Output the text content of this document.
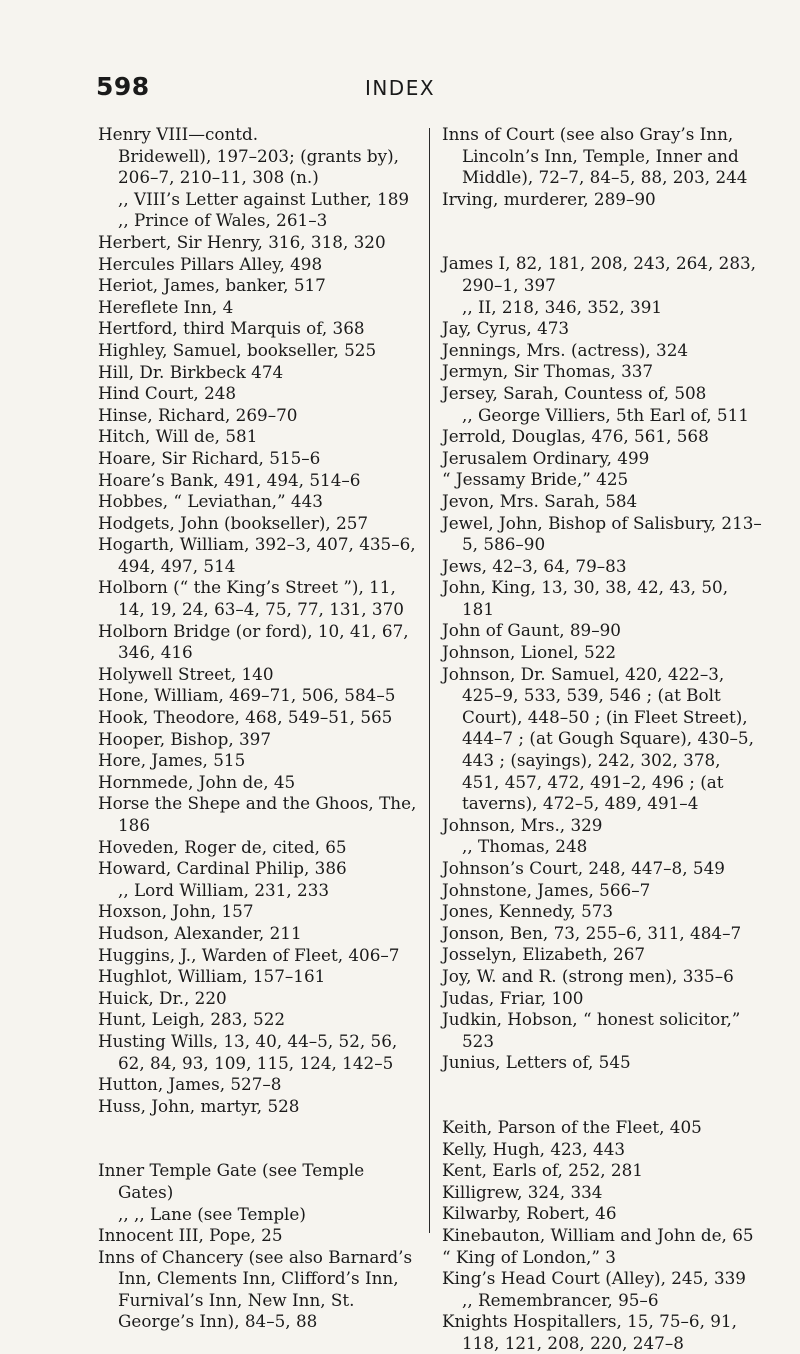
598	INDEX
Henry VIII—contd.
Bridewell), 197–203; (grants by), 206–7, 210–11, 308 (n.)
,, VIII’s Letter against Luther, 189
,, Prince of Wales, 261–3
Herbert, Sir Henry, 316, 318, 320
Hercules Pillars Alley, 498
Heriot, James, banker, 517
Hereflete Inn, 4
Hertford, third Marquis of, 368
Highley, Samuel, bookseller, 525
Hill, Dr. Birkbeck 474
Hind Court, 248
Hinse, Richard, 269–70
Hitch, Will de, 581
Hoare, Sir Richard, 515–6
Hoare’s Bank, 491, 494, 514–6
Hobbes, “ Leviathan,” 443
Hodgets, John (bookseller), 257
Hogarth, William, 392–3, 407, 435–6, 494, 497, 514
Holborn (“ the King’s Street ”), 11, 14, 19, 24, 63–4, 75, 77, 131, 370
Holborn Bridge (or ford), 10, 41, 67, 346, 416
Holywell Street, 140
Hone, William, 469–71, 506, 584–5
Hook, Theodore, 468, 549–51, 565
Hooper, Bishop, 397
Hore, James, 515
Hornmede, John de, 45
Horse the Shepe and the Ghoos, The, 186
Hoveden, Roger de, cited, 65
Howard, Cardinal Philip, 386
,, Lord William, 231, 233
Hoxson, John, 157
Hudson, Alexander, 211
Huggins, J., Warden of Fleet, 406–7
Hughlot, William, 157–161
Huick, Dr., 220
Hunt, Leigh, 283, 522
Husting Wills, 13, 40, 44–5, 52, 56, 62, 84, 93, 109, 115, 124, 142–5
Hutton, James, 527–8
Huss, John, martyr, 528
Inner Temple Gate (see Temple Gates)
,, ,, Lane (see Temple)
Innocent III, Pope, 25
Inns of Chancery (see also Barnard’s Inn, Clements Inn, Clifford’s Inn, Furnival’s Inn, New Inn, St. George’s Inn), 84–5, 88
Inns of Court (see also Gray’s Inn, Lincoln’s Inn, Temple, Inner and Middle), 72–7, 84–5, 88, 203, 244
Irving, murderer, 289–90
James I, 82, 181, 208, 243, 264, 283, 290–1, 397
,, II, 218, 346, 352, 391
Jay, Cyrus, 473
Jennings, Mrs. (actress), 324
Jermyn, Sir Thomas, 337
Jersey, Sarah, Countess of, 508
,, George Villiers, 5th Earl of, 511
Jerrold, Douglas, 476, 561, 568
Jerusalem Ordinary, 499
“ Jessamy Bride,” 425
Jevon, Mrs. Sarah, 584
Jewel, John, Bishop of Salisbury, 213–5, 586–90
Jews, 42–3, 64, 79–83
John, King, 13, 30, 38, 42, 43, 50, 181
John of Gaunt, 89–90
Johnson, Lionel, 522
Johnson, Dr. Samuel, 420, 422–3, 425–9, 533, 539, 546 ; (at Bolt Court), 448–50 ; (in Fleet Street), 444–7 ; (at Gough Square), 430–5, 443 ; (sayings), 242, 302, 378, 451, 457, 472, 491–2, 496 ; (at taverns), 472–5, 489, 491–4
Johnson, Mrs., 329
,, Thomas, 248
Johnson’s Court, 248, 447–8, 549
Johnstone, James, 566–7
Jones, Kennedy, 573
Jonson, Ben, 73, 255–6, 311, 484–7
Josselyn, Elizabeth, 267
Joy, W. and R. (strong men), 335–6
Judas, Friar, 100
Judkin, Hobson, “ honest solicitor,” 523
Junius, Letters of, 545
Keith, Parson of the Fleet, 405
Kelly, Hugh, 423, 443
Kent, Earls of, 252, 281
Killigrew, 324, 334
Kilwarby, Robert, 46
Kinebauton, William and John de, 65
“ King of London,” 3
King’s Head Court (Alley), 245, 339
,, Remembrancer, 95–6
Knights Hospitallers, 15, 75–6, 91, 118, 121, 208, 220, 247–8
